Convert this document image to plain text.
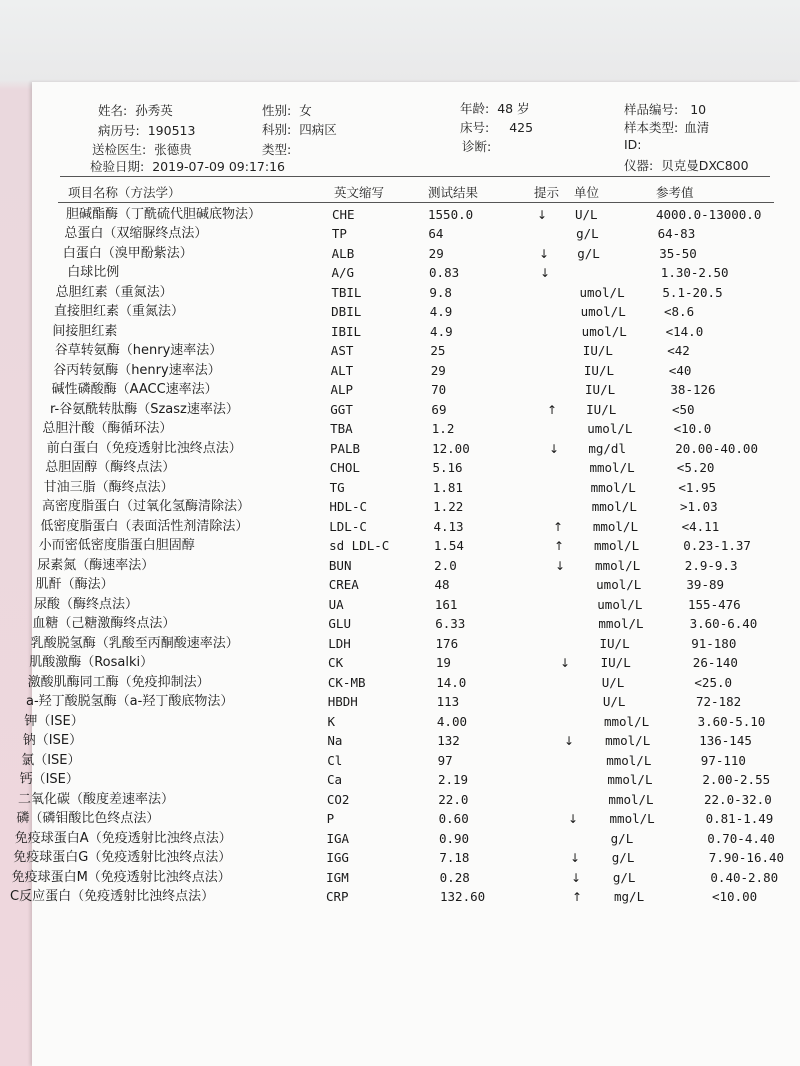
姓名: 孙秀英	性别: 女	年龄: 48 岁	样品编号: 10
病历号: 190513	科别: 四病区	床号: 425	样本类型: 血清
送检医生: 张德贵	类型:	诊断:	ID:
检验日期: 2019-07-09 09:17:16	仪器: 贝克曼DXC800
项目名称（方法学）	英文缩写	测试结果	提示 单位	参考值
胆碱酯酶（丁酰硫代胆碱底物法）	CHE	1550.0	↓ U/L	4000.0-13000.0
总蛋白（双缩脲终点法）	TP	64	g/L	64-83
白蛋白（溴甲酚紫法）	ALB	29	↓ g/L	35-50
白球比例	A/G	0.83	↓	1.30-2.50
总胆红素（重氮法）	TBIL	9.8	umol/L	5.1-20.5
直接胆红素（重氮法）	DBIL	4.9	umol/L	<8.6
间接胆红素	IBIL	4.9	umol/L	<14.0
谷草转氨酶（henry速率法）	AST	25	IU/L	<42
谷丙转氨酶（henry速率法）	ALT	29	IU/L	<40
碱性磷酸酶（AACC速率法）	ALP	70	IU/L	38-126
r-谷氨酰转肽酶（Szasz速率法）	GGT	69	↑ IU/L	<50
总胆汁酸（酶循环法）	TBA	1.2	umol/L	<10.0
前白蛋白（免疫透射比浊终点法）	PALB	12.00	↓ mg/dl	20.00-40.00
总胆固醇（酶终点法）	CHOL	5.16	mmol/L	<5.20
甘油三脂（酶终点法）	TG	1.81	mmol/L	<1.95
高密度脂蛋白（过氧化氢酶清除法）	HDL-C	1.22	mmol/L	>1.03
低密度脂蛋白（表面活性剂清除法）	LDL-C	4.13	↑ mmol/L	<4.11
小而密低密度脂蛋白胆固醇	sd LDL-C	1.54	↑ mmol/L	0.23-1.37
尿素氮（酶速率法）	BUN	2.0	↓ mmol/L	2.9-9.3
肌酐（酶法）	CREA	48	umol/L	39-89
尿酸（酶终点法）	UA	161	umol/L	155-476
血糖（己糖激酶终点法）	GLU	6.33	mmol/L	3.60-6.40
乳酸脱氢酶（乳酸至丙酮酸速率法）	LDH	176	IU/L	91-180
肌酸激酶（Rosalki）	CK	19	↓ IU/L	26-140
激酸肌酶同工酶（免疫抑制法）	CK-MB	14.0	U/L	<25.0
a-羟丁酸脱氢酶（a-羟丁酸底物法）	HBDH	113	U/L	72-182
钾（ISE）	K	4.00	mmol/L	3.60-5.10
钠（ISE）	Na	132	↓ mmol/L	136-145
氯（ISE）	Cl	97	mmol/L	97-110
钙（ISE）	Ca	2.19	mmol/L	2.00-2.55
二氧化碳（酸度差速率法）	CO2	22.0	mmol/L	22.0-32.0
磷（磷钼酸比色终点法）	P	0.60	↓	mmol/L	0.81-1.49
免疫球蛋白A（免疫透射比浊终点法）	IGA	0.90	g/L	0.70-4.40
免疫球蛋白G（免疫透射比浊终点法）	IGG	7.18	↓	g/L	7.90-16.40
免疫球蛋白M（免疫透射比浊终点法）	IGM	0.28	↓	g/L	0.40-2.80
C反应蛋白（免疫透射比浊终点法）	CRP	132.60	↑	mg/L	<10.00
